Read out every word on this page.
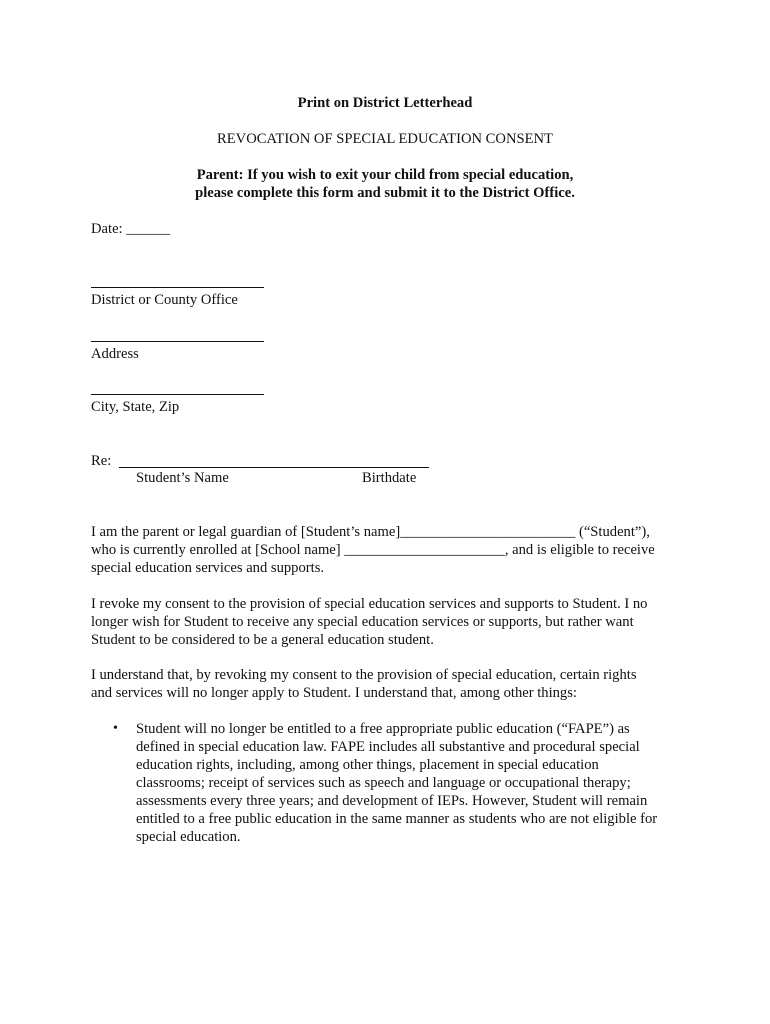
Print on District Letterhead
REVOCATION OF SPECIAL EDUCATION CONSENT
Parent: If you wish to exit your child from special education,
please complete this form and submit it to the District Office.
Date: ______
District or County Office
Address
City, State, Zip
Re:
Student’s Name	Birthdate
I am the parent or legal guardian of [Student’s name]________________________ (“Student”),
who is currently enrolled at [School name] ______________________, and is eligible to receive
special education services and supports.
I revoke my consent to the provision of special education services and supports to Student. I no
longer wish for Student to receive any special education services or supports, but rather want
Student to be considered to be a general education student.
I understand that, by revoking my consent to the provision of special education, certain rights
and services will no longer apply to Student. I understand that, among other things:
• Student will no longer be entitled to a free appropriate public education (“FAPE”) as
defined in special education law. FAPE includes all substantive and procedural special
education rights, including, among other things, placement in special education
classrooms; receipt of services such as speech and language or occupational therapy;
assessments every three years; and development of IEPs. However, Student will remain
entitled to a free public education in the same manner as students who are not eligible for
special education.
